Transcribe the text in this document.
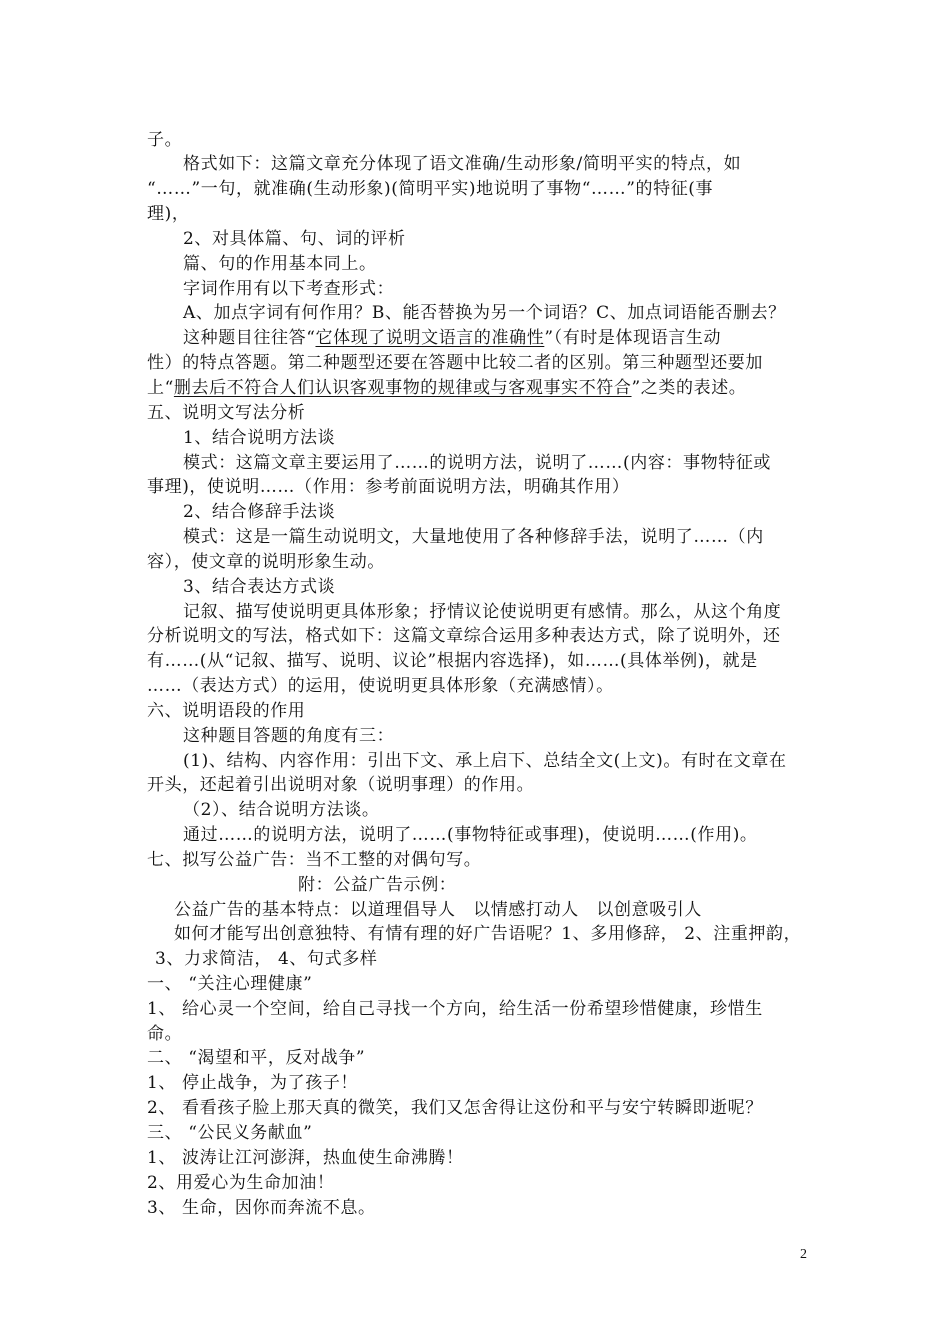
子。
格式如下：这篇文章充分体现了语文准确/生动形象/简明平实的特点，如
“……”一句，就准确(生动形象)(简明平实)地说明了事物“……”的特征(事
理)，
2、对具体篇、句、词的评析
篇、句的作用基本同上。
字词作用有以下考查形式：
A、加点字词有何作用？B、能否替换为另一个词语？C、加点词语能否删去？
这种题目往往答“它体现了说明文语言的准确性”（有时是体现语言生动
性）的特点答题。第二种题型还要在答题中比较二者的区别。第三种题型还要加
上“删去后不符合人们认识客观事物的规律或与客观事实不符合”之类的表述。
五、说明文写法分析
1、结合说明方法谈
模式：这篇文章主要运用了……的说明方法，说明了……(内容：事物特征或
事理)，使说明……（作用：参考前面说明方法，明确其作用）
2、结合修辞手法谈
模式：这是一篇生动说明文，大量地使用了各种修辞手法，说明了……（内
容），使文章的说明形象生动。
3、结合表达方式谈
记叙、描写使说明更具体形象；抒情议论使说明更有感情。那么，从这个角度
分析说明文的写法，格式如下：这篇文章综合运用多种表达方式，除了说明外，还
有……(从“记叙、描写、说明、议论”根据内容选择)，如……(具体举例)，就是
……（表达方式）的运用，使说明更具体形象（充满感情）。
六、说明语段的作用
这种题目答题的角度有三：
(1)、结构、内容作用：引出下文、承上启下、总结全文(上文)。有时在文章在
开头，还起着引出说明对象（说明事理）的作用。
（2）、结合说明方法谈。
通过……的说明方法，说明了……(事物特征或事理)，使说明……(作用)。
七、拟写公益广告：当不工整的对偶句写。
附：公益广告示例：
公益广告的基本特点：以道理倡导人　以情感打动人　以创意吸引人
如何才能写出创意独特、有情有理的好广告语呢？1、多用修辞， 2、注重押韵，
3、力求简洁， 4、句式多样
一、 “关注心理健康”
1、 给心灵一个空间，给自己寻找一个方向，给生活一份希望珍惜健康，珍惜生
命。
二、 “渴望和平，反对战争”
1、 停止战争，为了孩子！
2、 看看孩子脸上那天真的微笑，我们又怎舍得让这份和平与安宁转瞬即逝呢？
三、 “公民义务献血”
1、 波涛让江河澎湃，热血使生命沸腾！
2、用爱心为生命加油！
3、 生命，因你而奔流不息。
2
